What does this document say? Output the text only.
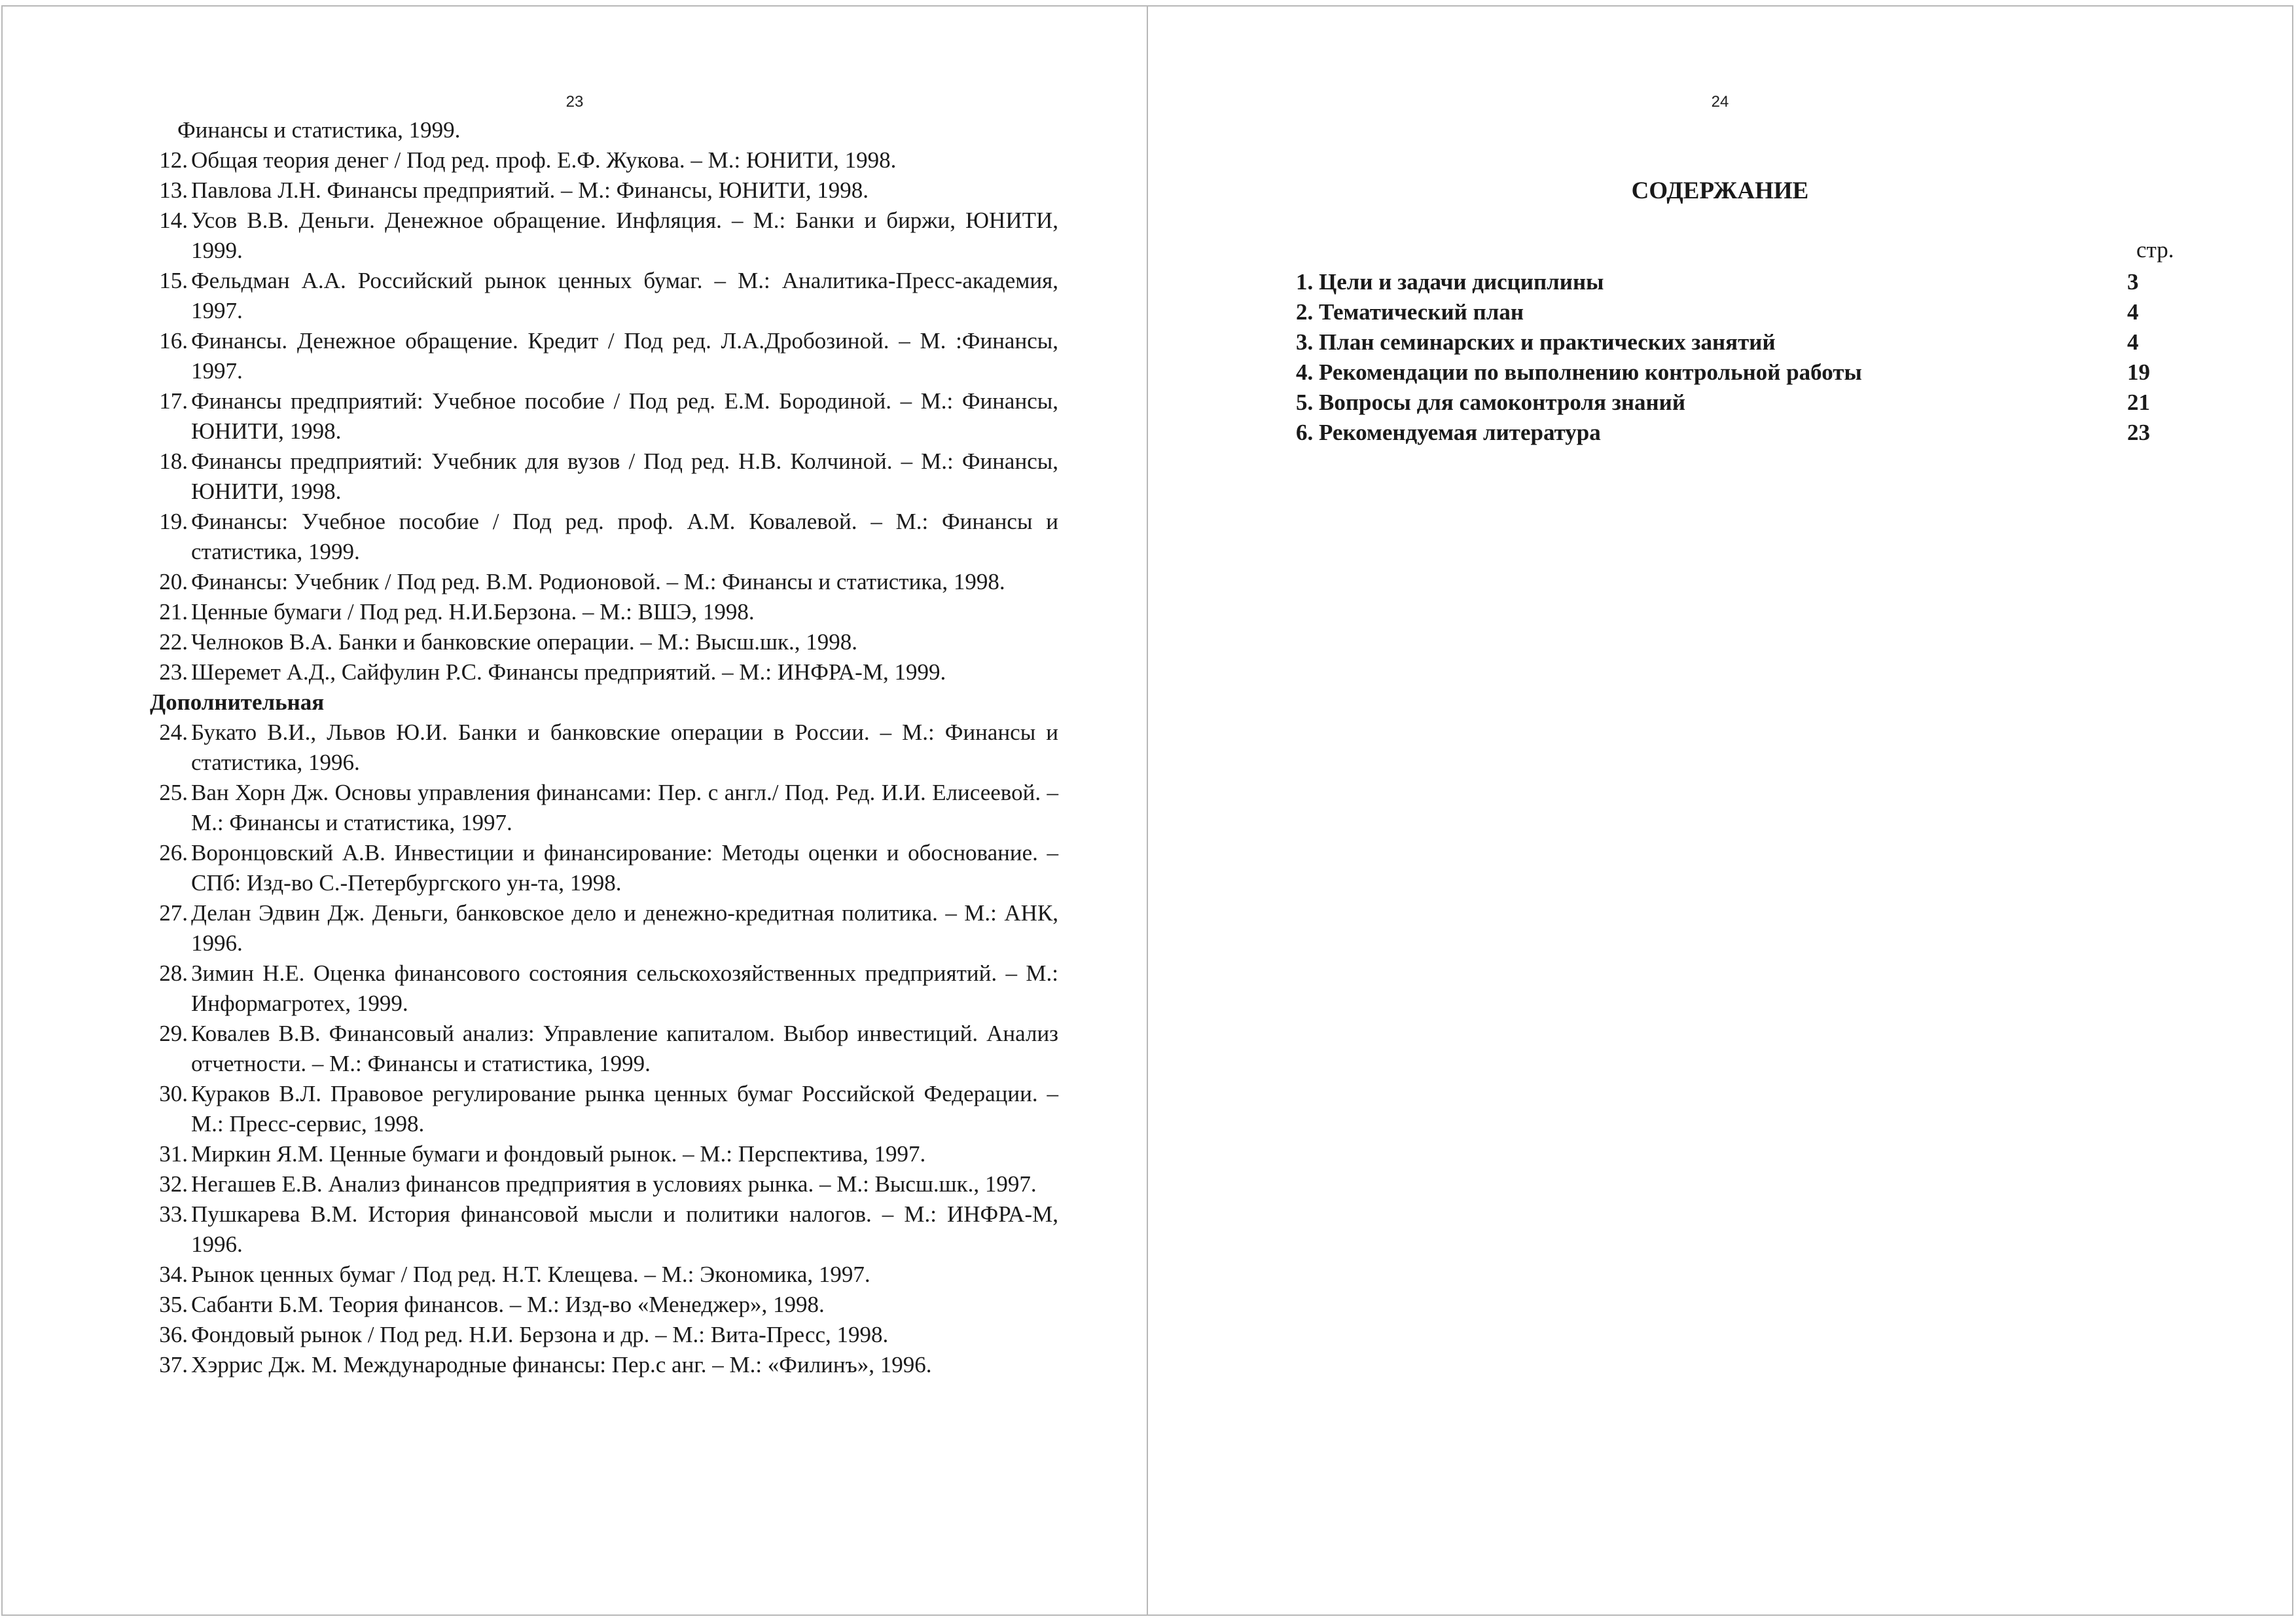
23
Финансы и статистика, 1999.
12. Общая теория денег / Под ред. проф. Е.Ф. Жукова. – М.: ЮНИТИ, 1998.
13. Павлова Л.Н. Финансы предприятий. – М.: Финансы, ЮНИТИ, 1998.
14. Усов В.В. Деньги. Денежное обращение. Инфляция. – М.: Банки и биржи, ЮНИТИ, 1999.
15. Фельдман А.А. Российский рынок ценных бумаг. – М.: Аналитика-Пресс-академия, 1997.
16. Финансы. Денежное обращение. Кредит / Под ред. Л.А.Дробозиной. – М. :Финансы, 1997.
17. Финансы предприятий: Учебное пособие / Под ред. Е.М. Бородиной. – М.: Финансы, ЮНИТИ, 1998.
18. Финансы предприятий: Учебник для вузов / Под ред. Н.В. Колчиной. – М.: Финансы, ЮНИТИ, 1998.
19. Финансы: Учебное пособие / Под ред. проф. А.М. Ковалевой. – М.: Финансы и статистика, 1999.
20. Финансы: Учебник / Под ред. В.М. Родионовой. – М.: Финансы и статистика, 1998.
21. Ценные бумаги / Под ред. Н.И.Берзона. – М.: ВШЭ, 1998.
22. Челноков В.А. Банки и банковские операции. – М.: Высш.шк., 1998.
23. Шеремет А.Д., Сайфулин Р.С. Финансы предприятий. – М.: ИНФРА-М, 1999.
Дополнительная
24. Букато В.И., Львов Ю.И. Банки и банковские операции в России. – М.: Финансы и статистика, 1996.
25. Ван Хорн Дж. Основы управления финансами: Пер. с англ./ Под. Ред. И.И. Елисеевой. – М.: Финансы и статистика, 1997.
26. Воронцовский А.В. Инвестиции и финансирование: Методы оценки и обоснование. – СПб: Изд-во С.-Петербургского ун-та, 1998.
27. Делан Эдвин Дж. Деньги, банковское дело и денежно-кредитная политика. – М.: АНК, 1996.
28. Зимин Н.Е. Оценка финансового состояния сельскохозяйственных предприятий. – М.: Информагротех, 1999.
29. Ковалев В.В. Финансовый анализ: Управление капиталом. Выбор инвестиций. Анализ отчетности. – М.: Финансы и статистика, 1999.
30. Кураков В.Л. Правовое регулирование рынка ценных бумаг Российской Федерации. – М.: Пресс-сервис, 1998.
31. Миркин Я.М. Ценные бумаги и фондовый рынок. – М.: Перспектива, 1997.
32. Негашев Е.В. Анализ финансов предприятия в условиях рынка. – М.: Высш.шк., 1997.
33. Пушкарева В.М. История финансовой мысли и политики налогов. – М.: ИНФРА-М, 1996.
34. Рынок ценных бумаг / Под ред. Н.Т. Клещева. – М.: Экономика, 1997.
35. Сабанти Б.М. Теория финансов. – М.: Изд-во «Менеджер», 1998.
36. Фондовый рынок / Под ред. Н.И. Берзона и др. – М.: Вита-Пресс, 1998.
37. Хэррис Дж. М. Международные финансы: Пер.с анг. – М.: «Филинъ», 1996.
24
СОДЕРЖАНИЕ
стр.
1. Цели и задачи дисциплины	3
2. Тематический план	4
3. План семинарских и практических занятий	4
4. Рекомендации по выполнению контрольной работы	19
5. Вопросы для самоконтроля знаний	21
6. Рекомендуемая литература	23
